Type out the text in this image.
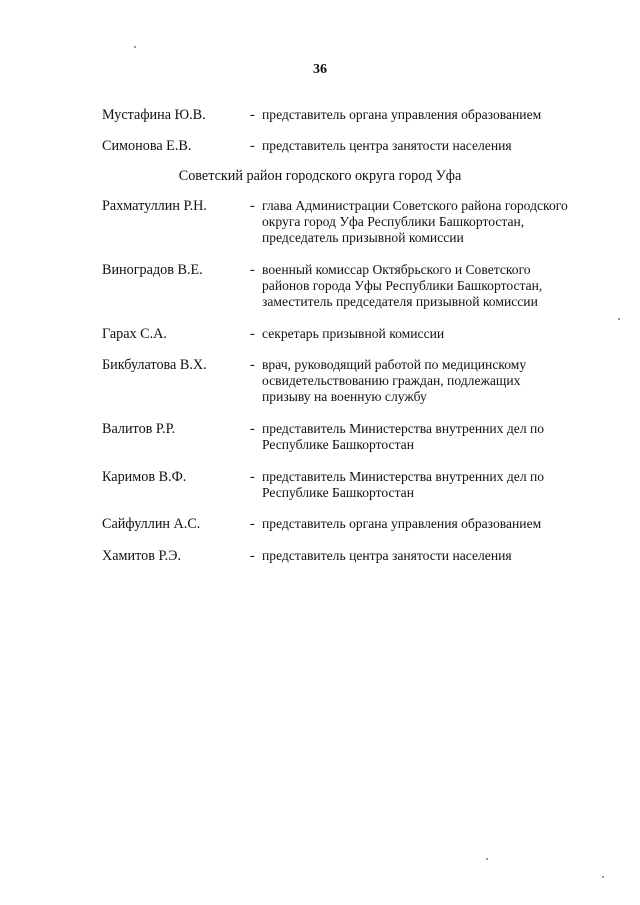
36
Мустафина Ю.В.	- представитель органа управления образованием
Симонова Е.В.	- представитель центра занятости населения
Советский район городского округа город Уфа
Рахматуллин Р.Н.	- глава Администрации Советского района городского
округа город Уфа Республики Башкортостан,
председатель призывной комиссии
Виноградов В.Е.	- военный комиссар Октябрьского и Советского
районов города Уфы Республики Башкортостан,
заместитель председателя призывной комиссии
Гарах С.А.	- секретарь призывной комиссии
Бикбулатова В.Х.	- врач, руководящий работой по медицинскому
освидетельствованию граждан, подлежащих
призыву на военную службу
Валитов Р.Р.	- представитель Министерства внутренних дел по
Республике Башкортостан
Каримов В.Ф.	- представитель Министерства внутренних дел по
Республике Башкортостан
Сайфуллин А.С.	- представитель органа управления образованием
Хамитов Р.Э.	- представитель центра занятости населения
